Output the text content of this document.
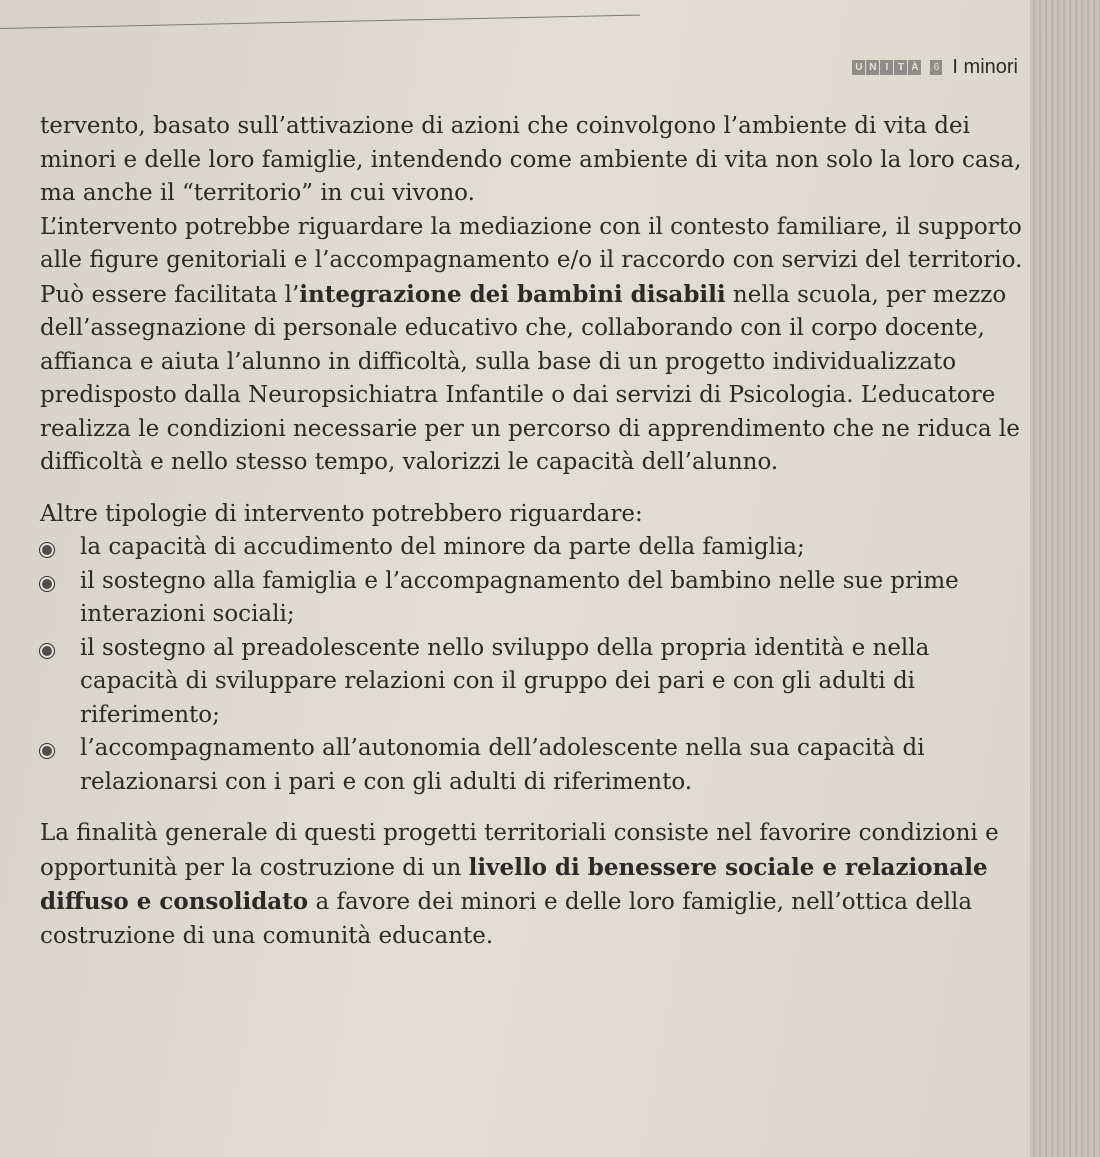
U N I T À	6 I minori

tervento, basato sull’attivazione di azioni che coinvolgono l’ambiente di vita dei minori e delle loro famiglie, intendendo come ambiente di vita non solo la loro casa, ma anche il “territorio” in cui vivono.

L’intervento potrebbe riguardare la mediazione con il contesto familiare, il supporto alle figure genitoriali e l’accompagnamento e/o il raccordo con servizi del territorio.

Può essere facilitata l’integrazione dei bambini disabili nella scuola, per mezzo dell’assegnazione di personale educativo che, collaborando con il corpo docente, affianca e aiuta l’alunno in difficoltà, sulla base di un progetto individualizzato predisposto dalla Neuropsichiatra Infantile o dai servizi di Psicologia. L’educatore realizza le condizioni necessarie per un percorso di apprendimento che ne riduca le difficoltà e nello stesso tempo, valorizzi le capacità dell’alunno.

Altre tipologie di intervento potrebbero riguardare:

la capacità di accudimento del minore da parte della famiglia;
il sostegno alla famiglia e l’accompagnamento del bambino nelle sue prime interazioni sociali;
il sostegno al preadolescente nello sviluppo della propria identità e nella capacità di sviluppare relazioni con il gruppo dei pari e con gli adulti di riferimento;
l’accompagnamento all’autonomia dell’adolescente nella sua capacità di relazionarsi con i pari e con gli adulti di riferimento.

La finalità generale di questi progetti territoriali consiste nel favorire condizioni e opportunità per la costruzione di un livello di benessere sociale e relazionale diffuso e consolidato a favore dei minori e delle loro famiglie, nell’ottica della costruzione di una comunità educante.
